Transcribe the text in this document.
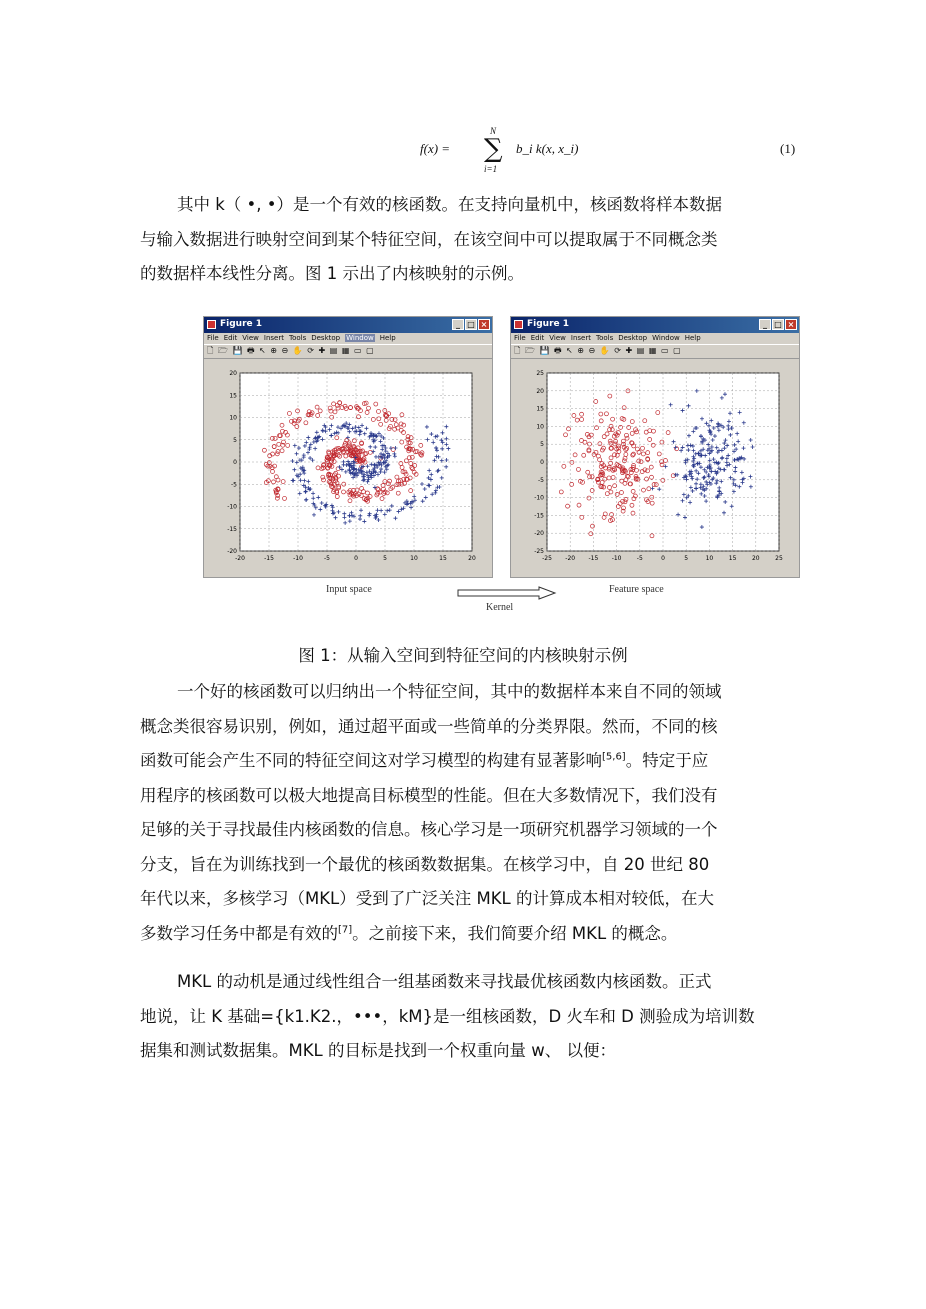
f(x) =
N
∑
i=1
b_i k(x, x_i)	(1)
其中 k（ •, •）是一个有效的核函数。在支持向量机中，核函数将样本数据
与输入数据进行映射空间到某个特征空间，在该空间中可以提取属于不同概念类
的数据样本线性分离。图 1 示出了内核映射的示例。
Figure 1	_ □ ×
File Edit View Insert Tools Desktop Window Help
🗋 🗁 💾 🖶 ↖ ⊕ ⊖ ✋ ⟳ ✚ ▤ ▦ ▭ ▢
-20	-15	-10	-5	0	5	10	15	20
20
15
10
5
0
-5
-10
-15
-20
Figure 1	_ □ ×
File Edit View Insert Tools Desktop Window Help
🗋 🗁 💾 🖶 ↖ ⊕ ⊖ ✋ ⟳ ✚ ▤ ▦ ▭ ▢
-25 -20 -15 -10	-5	0	5	10	15	20	25
25
20
15
10
5
0
-5
-10
-15
-20
-25
Input space	Feature space
Kernel
图 1：从输入空间到特征空间的内核映射示例
一个好的核函数可以归纳出一个特征空间，其中的数据样本来自不同的领域
概念类很容易识别，例如，通过超平面或一些简单的分类界限。然而，不同的核
函数可能会产生不同的特征空间这对学习模型的构建有显著影响[5,6]。特定于应
用程序的核函数可以极大地提高目标模型的性能。但在大多数情况下，我们没有
足够的关于寻找最佳内核函数的信息。核心学习是一项研究机器学习领域的一个
分支，旨在为训练找到一个最优的核函数数据集。在核学习中，自 20 世纪 80
年代以来，多核学习（MKL）受到了广泛关注 MKL 的计算成本相对较低，在大
多数学习任务中都是有效的[7]。之前接下来，我们简要介绍 MKL 的概念。
MKL 的动机是通过线性组合一组基函数来寻找最优核函数内核函数。正式
地说，让 K 基础={k1.K2.，•••，kM}是一组核函数，D 火车和 D 测验成为培训数
据集和测试数据集。MKL 的目标是找到一个权重向量 w、 以便：
